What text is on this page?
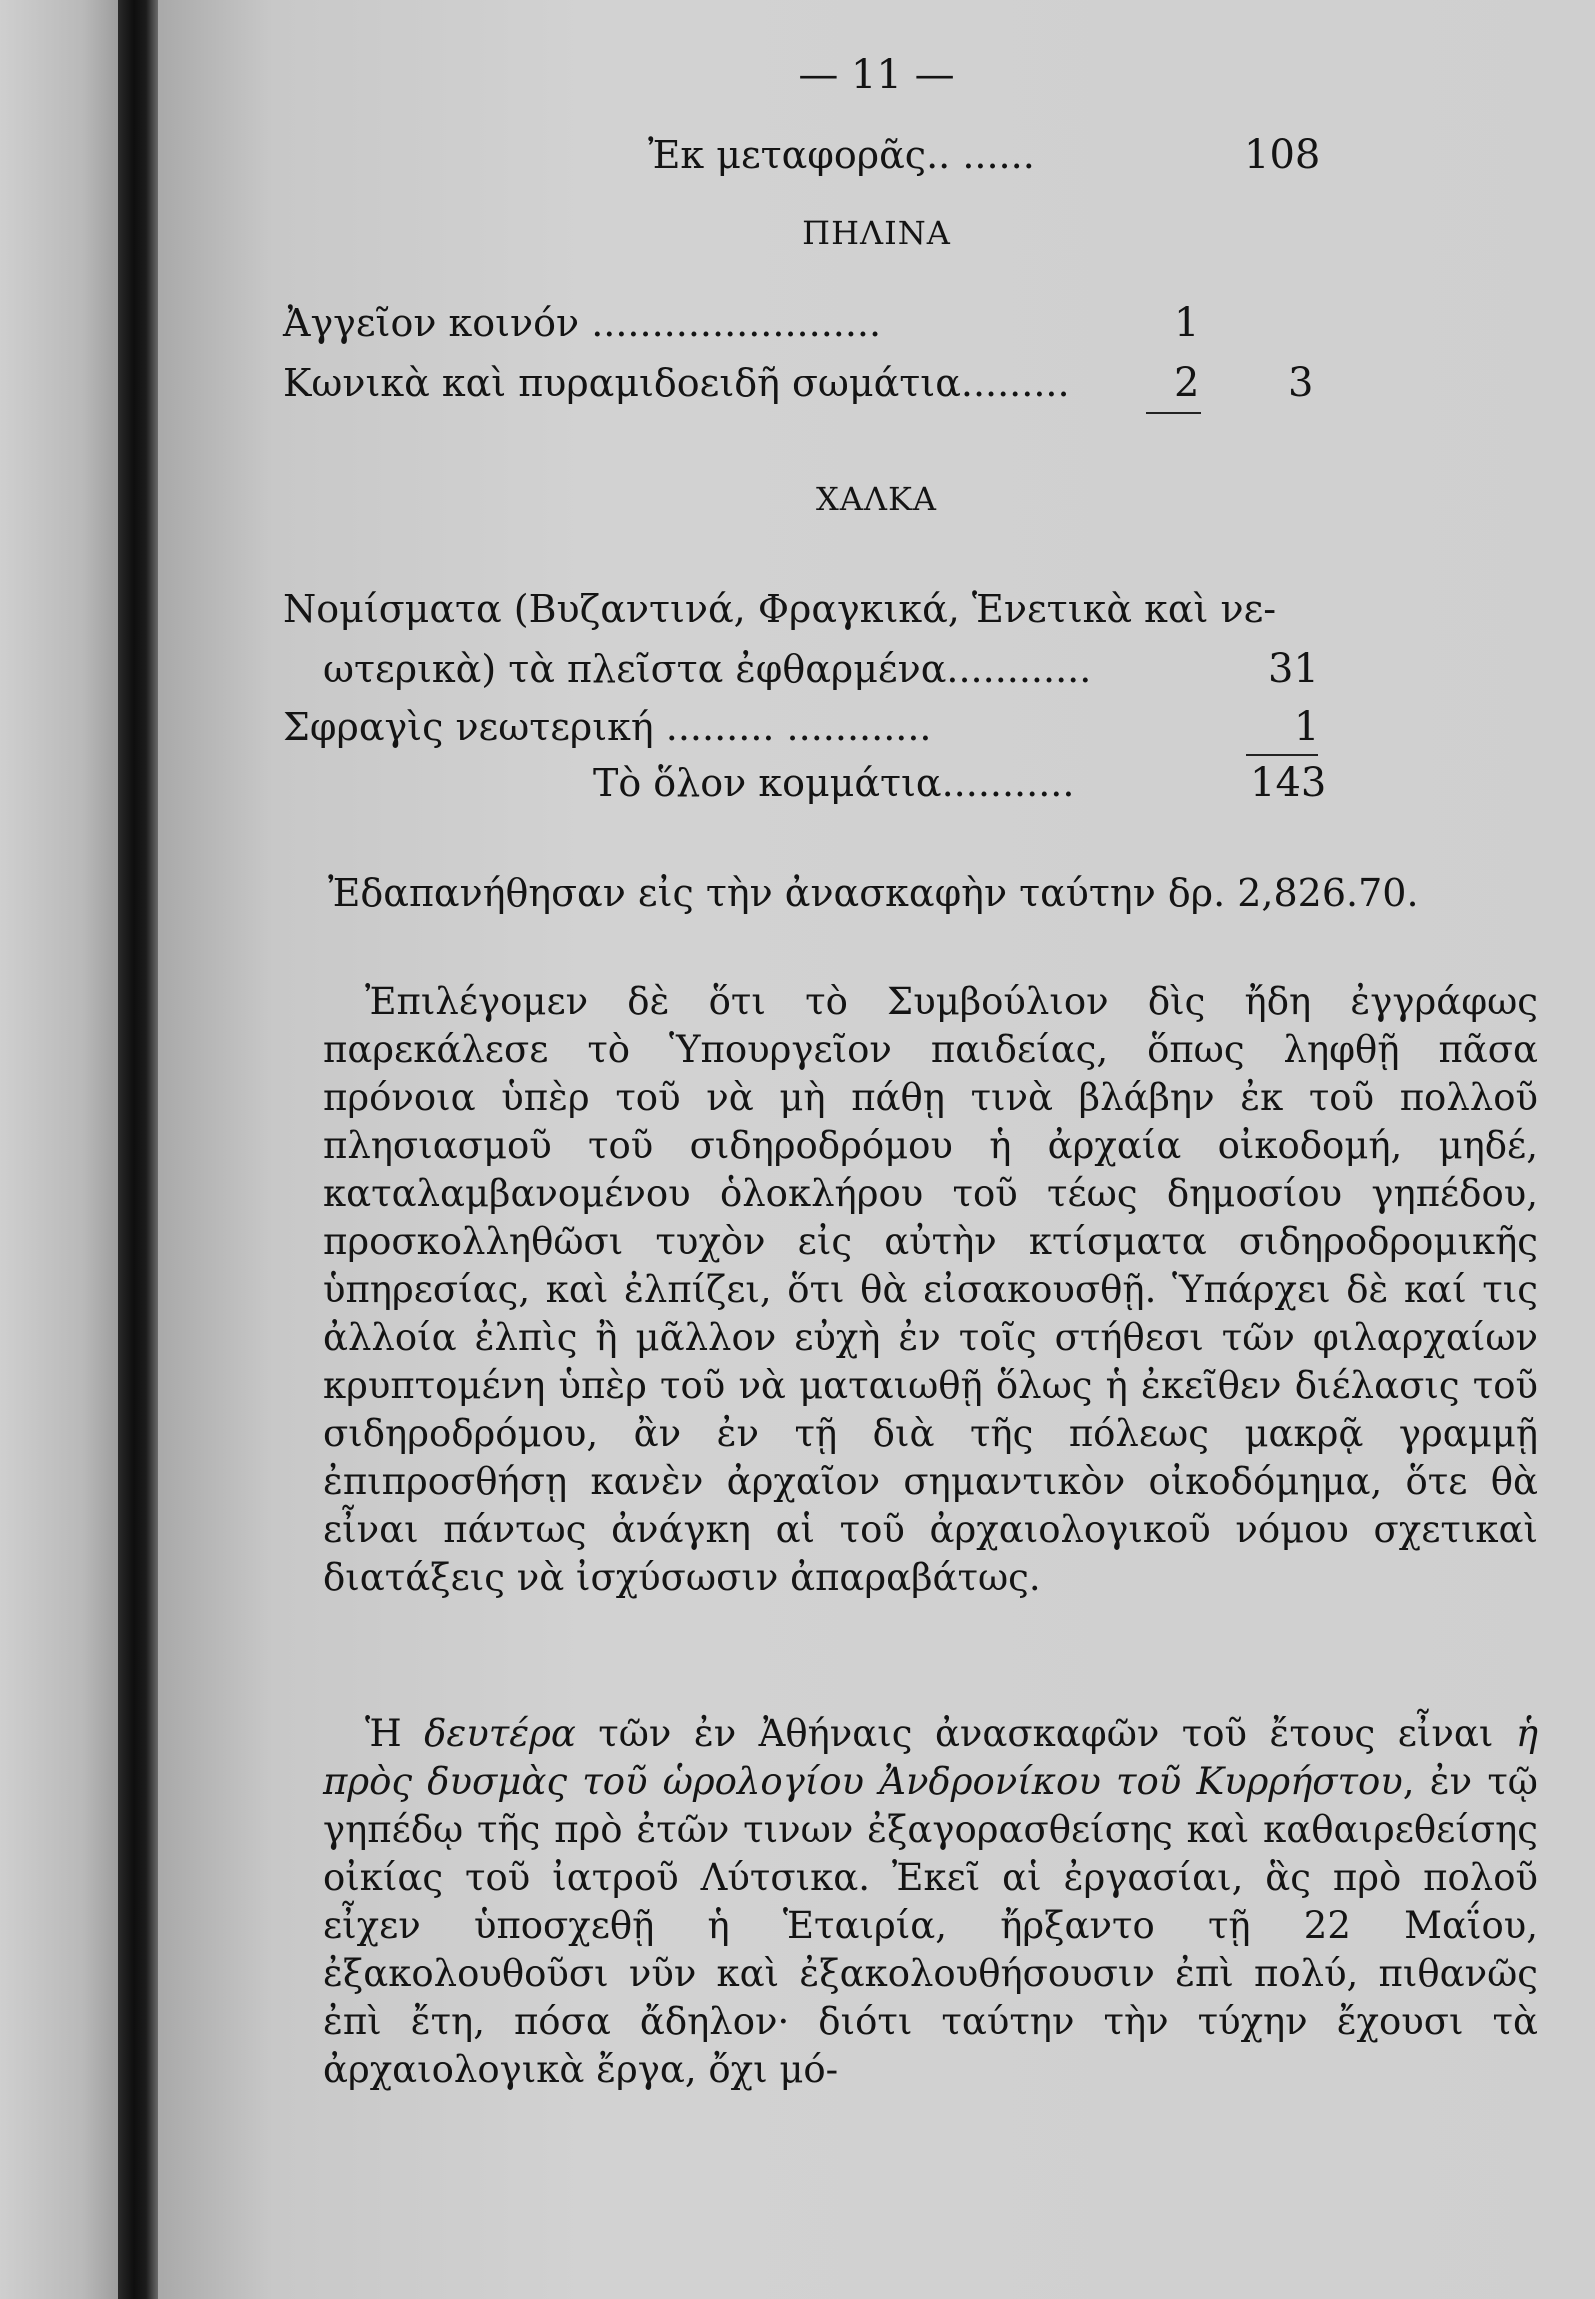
— 11 —
Ἐκ μεταφορᾶς.. ......	108
ΠΗΛΙΝΑ
Ἀγγεῖον κοινόν ........................	1
Κωνικὰ καὶ πυραμιδοειδῆ σωμάτια.........	2 3
ΧΑΛΚΑ
Νομίσματα (Βυζαντινά, Φραγκικά, Ἑνετικὰ καὶ νε-
ωτερικὰ) τὰ πλεῖστα ἐφθαρμένα............	31
Σφραγὶς νεωτερική ......... ............	1
Τὸ ὅλον κομμάτια...........	143
Ἐδαπανήθησαν εἰς τὴν ἀνασκαφὴν ταύτην δρ. 2,826.70.
Ἐπιλέγομεν δὲ ὅτι τὸ Συμβούλιον δὶς ἤδη ἐγγράφως παρεκάλεσε τὸ Ὑπουργεῖον παιδείας, ὅπως ληφθῇ πᾶσα πρόνοια ὑπὲρ τοῦ νὰ μὴ πάθῃ τινὰ βλάβην ἐκ τοῦ πολλοῦ πλησιασμοῦ τοῦ σιδηροδρόμου ἡ ἀρχαία οἰκοδομή, μηδέ, καταλαμβανομένου ὁλοκλήρου τοῦ τέως δημοσίου γηπέδου, προσκολληθῶσι τυχὸν εἰς αὐτὴν κτίσματα σιδηροδρομικῆς ὑπηρεσίας, καὶ ἐλπίζει, ὅτι θὰ εἰσακουσθῇ. Ὑπάρχει δὲ καί τις ἀλλοία ἐλπὶς ἢ μᾶλλον εὐχὴ ἐν τοῖς στήθεσι τῶν φιλαρχαίων κρυπτομένη ὑπὲρ τοῦ νὰ ματαιωθῇ ὅλως ἡ ἐκεῖθεν διέλασις τοῦ σιδηροδρόμου, ἂν ἐν τῇ διὰ τῆς πόλεως μακρᾷ γραμμῇ ἐπιπροσθήσῃ κανὲν ἀρχαῖον σημαντικὸν οἰκοδόμημα, ὅτε θὰ εἶναι πάντως ἀνάγκη αἱ τοῦ ἀρχαιολογικοῦ νόμου σχετικαὶ διατάξεις νὰ ἰσχύσωσιν ἀπαραβάτως.
Ἡ δευτέρα τῶν ἐν Ἀθήναις ἀνασκαφῶν τοῦ ἔτους εἶναι ἡ πρὸς δυσμὰς τοῦ ὡρολογίου Ἀνδρονίκου τοῦ Κυρρήστου, ἐν τῷ γηπέδῳ τῆς πρὸ ἐτῶν τινων ἐξαγορασθείσης καὶ καθαιρεθείσης οἰκίας τοῦ ἰατροῦ Λύτσικα. Ἐκεῖ αἱ ἐργασίαι, ἃς πρὸ πολοῦ εἶχεν ὑποσχεθῇ ἡ Ἑταιρία, ἤρξαντο τῇ 22 Μαΐου, ἐξακολουθοῦσι νῦν καὶ ἐξακολουθήσουσιν ἐπὶ πολύ, πιθανῶς ἐπὶ ἔτη, πόσα ἄδηλον· διότι ταύτην τὴν τύχην ἔχουσι τὰ ἀρχαιολογικὰ ἔργα, ὄχι μό-
